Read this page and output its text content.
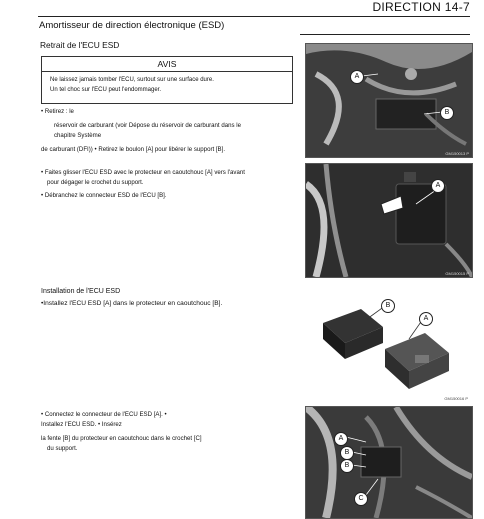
DIRECTION 14-7
Amortisseur de direction électronique (ESD)
Retrait de l'ECU ESD
AVIS
Ne laissez jamais tomber l'ECU, surtout sur une surface dure.
Un tel choc sur l'ECU peut l'endommager.
• Retirez : le
réservoir de carburant (voir Dépose du réservoir de carburant dans le
chapitre Système
de carburant (DFI)) • Retirez le boulon [A] pour libérer le support [B].
• Faites glisser l'ECU ESD avec le protecteur en caoutchouc [A] vers l'avant
pour dégager le crochet du support.
• Débranchez le connecteur ESD de l'ECU [B].
Installation de l'ECU ESD
•Installez l'ECU ESD [A] dans le protecteur en caoutchouc [B].
• Connectez le connecteur de l'ECU ESD [A]. •
Installez l'ECU ESD. • Insérez
la fente [B] du protecteur en caoutchouc dans le crochet [C]
du support.
A
B
GM150013 P
A
GM150015 P
B
A
GM150016 P
A
B
B
C
